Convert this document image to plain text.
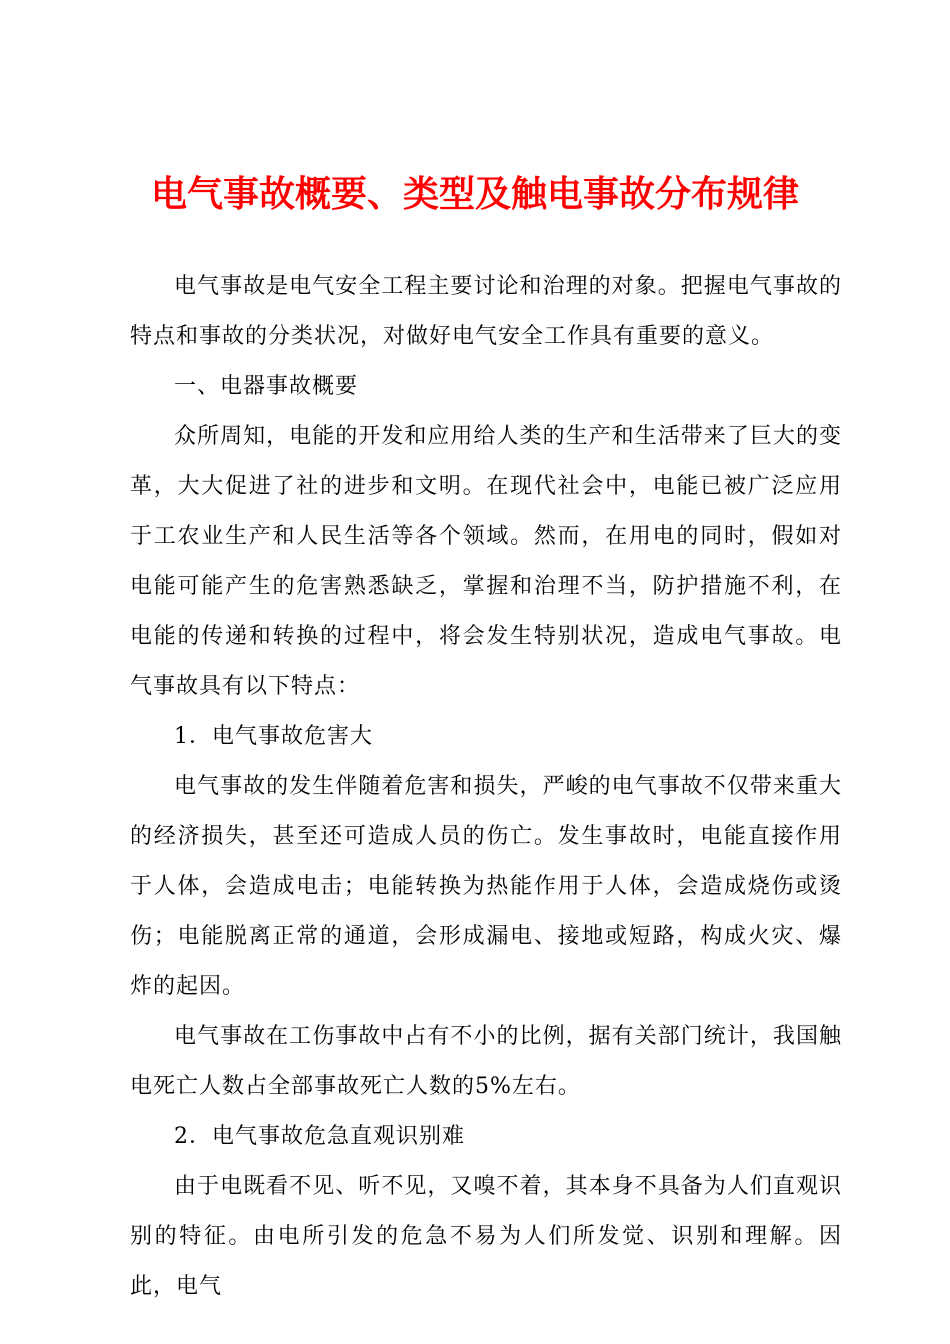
电气事故概要、类型及触电事故分布规律

电气事故是电气安全工程主要讨论和治理的对象。把握电气事故的特点和事故的分类状况，对做好电气安全工作具有重要的意义。

一、电器事故概要

众所周知，电能的开发和应用给人类的生产和生活带来了巨大的变革，大大促进了社的进步和文明。在现代社会中，电能已被广泛应用于工农业生产和人民生活等各个领域。然而，在用电的同时，假如对电能可能产生的危害熟悉缺乏，掌握和治理不当，防护措施不利，在电能的传递和转换的过程中，将会发生特别状况，造成电气事故。电气事故具有以下特点：

1．电气事故危害大

电气事故的发生伴随着危害和损失，严峻的电气事故不仅带来重大的经济损失，甚至还可造成人员的伤亡。发生事故时，电能直接作用于人体，会造成电击；电能转换为热能作用于人体，会造成烧伤或烫伤；电能脱离正常的通道，会形成漏电、接地或短路，构成火灾、爆炸的起因。

电气事故在工伤事故中占有不小的比例，据有关部门统计，我国触电死亡人数占全部事故死亡人数的5%左右。

2．电气事故危急直观识别难

由于电既看不见、听不见，又嗅不着，其本身不具备为人们直观识别的特征。由电所引发的危急不易为人们所发觉、识别和理解。因此，电气
